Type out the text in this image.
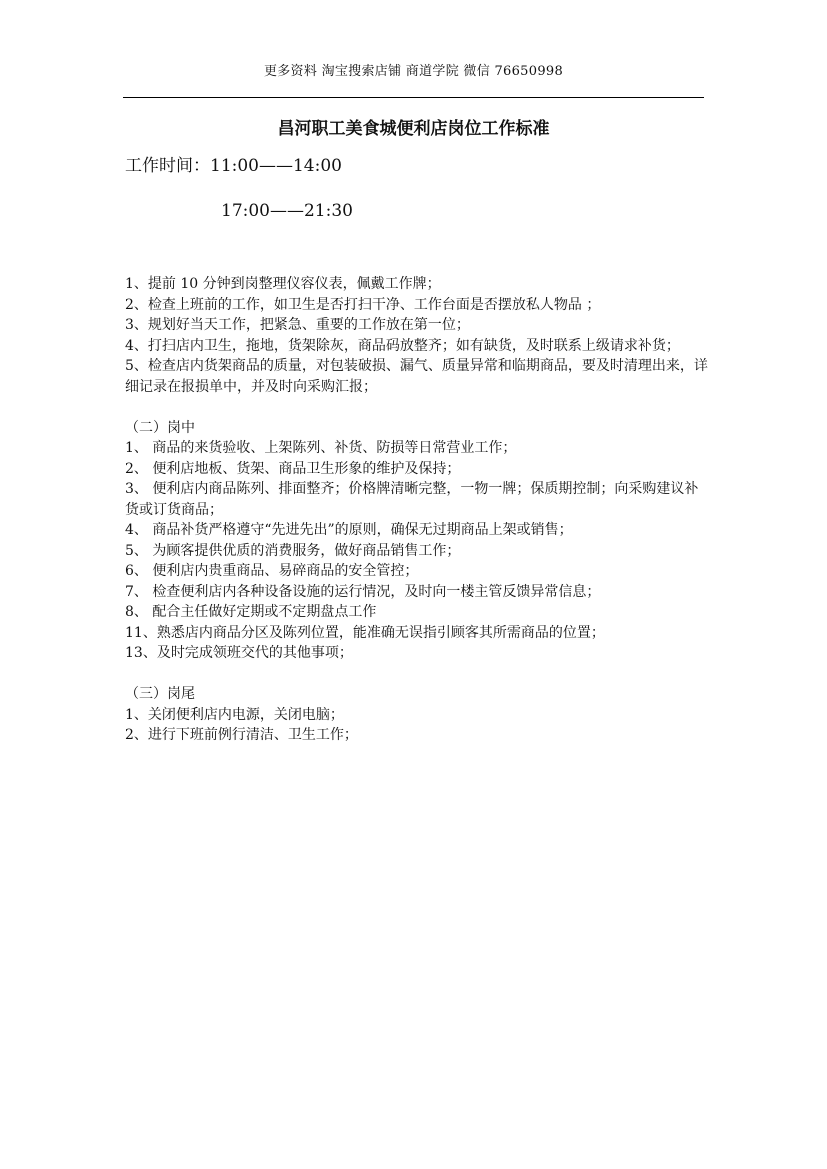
更多资料 淘宝搜索店铺 商道学院 微信 76650998
昌河职工美食城便利店岗位工作标准
工作时间：11:00——14:00
17:00——21:30

1、提前 10 分钟到岗整理仪容仪表，佩戴工作牌；

2、检查上班前的工作，如卫生是否打扫干净、工作台面是否摆放私人物品 ；

3、规划好当天工作，把紧急、重要的工作放在第一位；

4、打扫店内卫生，拖地，货架除灰，商品码放整齐；如有缺货，及时联系上级请求补货；

5、检查店内货架商品的质量，对包装破损、漏气、质量异常和临期商品，要及时清理出来，详细记录在报损单中，并及时向采购汇报；

（二）岗中

1、 商品的来货验收、上架陈列、补货、防损等日常营业工作；

2、 便利店地板、货架、商品卫生形象的维护及保持；

3、 便利店内商品陈列、排面整齐；价格牌清晰完整，一物一牌；保质期控制；向采购建议补货或订货商品；

4、 商品补货严格遵守“先进先出”的原则，确保无过期商品上架或销售；

5、 为顾客提供优质的消费服务，做好商品销售工作；

6、 便利店内贵重商品、易碎商品的安全管控；

7、 检查便利店内各种设备设施的运行情况，及时向一楼主管反馈异常信息；

8、 配合主任做好定期或不定期盘点工作

11、熟悉店内商品分区及陈列位置，能准确无误指引顾客其所需商品的位置；

13、及时完成领班交代的其他事项；

（三）岗尾

1、关闭便利店内电源，关闭电脑；

2、进行下班前例行清洁、卫生工作；
